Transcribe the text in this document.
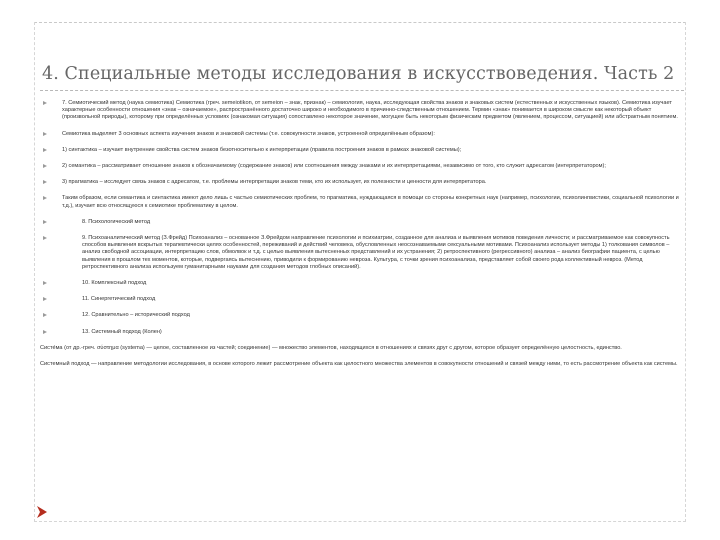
4. Специальные методы исследования в искусствоведения. Часть 2
7. Семиотический метод (наука семиотика) Семиотика (греч. semeiotikon, от semeion – знак, признак) – семиология, наука, исследующая свойства знаков и знаковых систем (естественных и искусственных языков). Семиотика изучает характерные особенности отношения «знак – означаемое», распространённого достаточно широко и необходимого в причинно-следственным отношением. Термин «знак» понимается в широком смысле как некоторый объект (произвольной природы), которому при определённых условиях (ознакомая ситуация) сопоставлено некоторое значение, могущее быть некоторым физическим предметом (явлением, процессом, ситуацией) или абстрактным понятием.
Семиотика выделяет 3 основных аспекта изучения знаков и знаковой системы (т.е. совокупности знаков, устроенной определённым образом):
1) синтактика – изучает внутренние свойства систем знаков безотносительно к интерпретации (правила построения знаков в рамках знаковой системы);
2) семантика – рассматривает отношение знаков к обозначаемому (содержание знаков) или соотношения между знаками и их интерпретациями, независимо от того, кто служит адресатом (интерпретатором);
3) прагматика – исследует связь знаков с адресатом, т.е. проблемы интерпретации знаков теми, кто их использует, их полезности и ценности для интерпретатора.
Таким образом, если семантика и синтактика имеют дело лишь с частью семиотических проблем, то прагматика, нуждающаяся в помощи со стороны конкретных наук (например, психологии, психолингвистики, социальной психологии и т.д.), изучает всю относящуюся к семиотике проблематику в целом.
8. Психологический метод
9. Психоаналитический метод (З.Фрейд) Психоанализ – основанное З.Фрейдом направление психологии и психиатрии, созданное для анализа и выявления мотивов поведения личности; и рассматриваемое как совокупность способов выявления вскрытых терапевтически целях особенностей, переживаний и действий человека, обусловленных неосознаваемыми сексуальными мотивами. Психоанализ использует методы 1) толкования символов – анализ свободной ассоциации, интерпретацию слов, обмолвок и т.д. с целью выявления вытесненных представлений и их устранения; 2) ретроспективного (регрессивного) анализа – анализ биографии пациента, с целью выявления в прошлом тех моментов, которые, подвергаясь вытеснению, приводили к формированию невроза. Культура, с точки зрения психоанализа, представляет собой своего рода коллективный невроз. (Метод ретроспективного анализа используем гуманитарными науками для создания методов глобных описаний).
10. Комплексный подход
11. Синергетический подход
12. Сравнительно – исторический подход
13. Системный подход (Колен)
Систе́ма (от др.-греч. σύστημα (systema) — целое, составленное из частей; соединение) — множество элементов, находящихся в отношениях и связях друг с другом, которое образует определённую целостность, единство.
Системный подход — направление методологии исследования, в основе которого лежит рассмотрение объекта как целостного множества элементов в совокупности отношений и связей между ними, то есть рассмотрение объекта как системы.
